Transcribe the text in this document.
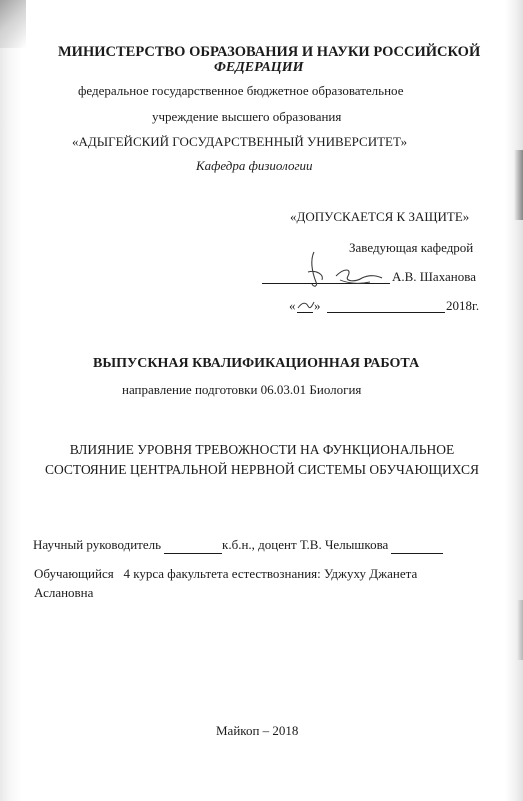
МИНИСТЕРСТВО ОБРАЗОВАНИЯ И НАУКИ РОССИЙСКОЙ
ФЕДЕРАЦИИ
федеральное государственное бюджетное образовательное
учреждение высшего образования
«АДЫГЕЙСКИЙ ГОСУДАРСТВЕННЫЙ УНИВЕРСИТЕТ»
Кафедра физиологии
«ДОПУСКАЕТСЯ К ЗАЩИТЕ»
Заведующая кафедрой
А.В. Шаханова
« »	2018г.
ВЫПУСКНАЯ КВАЛИФИКАЦИОННАЯ РАБОТА
направление подготовки 06.03.01 Биология
ВЛИЯНИЕ УРОВНЯ ТРЕВОЖНОСТИ НА ФУНКЦИОНАЛЬНОЕ СОСТОЯНИЕ ЦЕНТРАЛЬНОЙ НЕРВНОЙ СИСТЕМЫ ОБУЧАЮЩИХСЯ
Научный руководитель	к.б.н., доцент Т.В. Челышкова
Обучающийся   4 курса факультета естествознания: Уджуху Джанета
Аслановна
Майкоп – 2018
